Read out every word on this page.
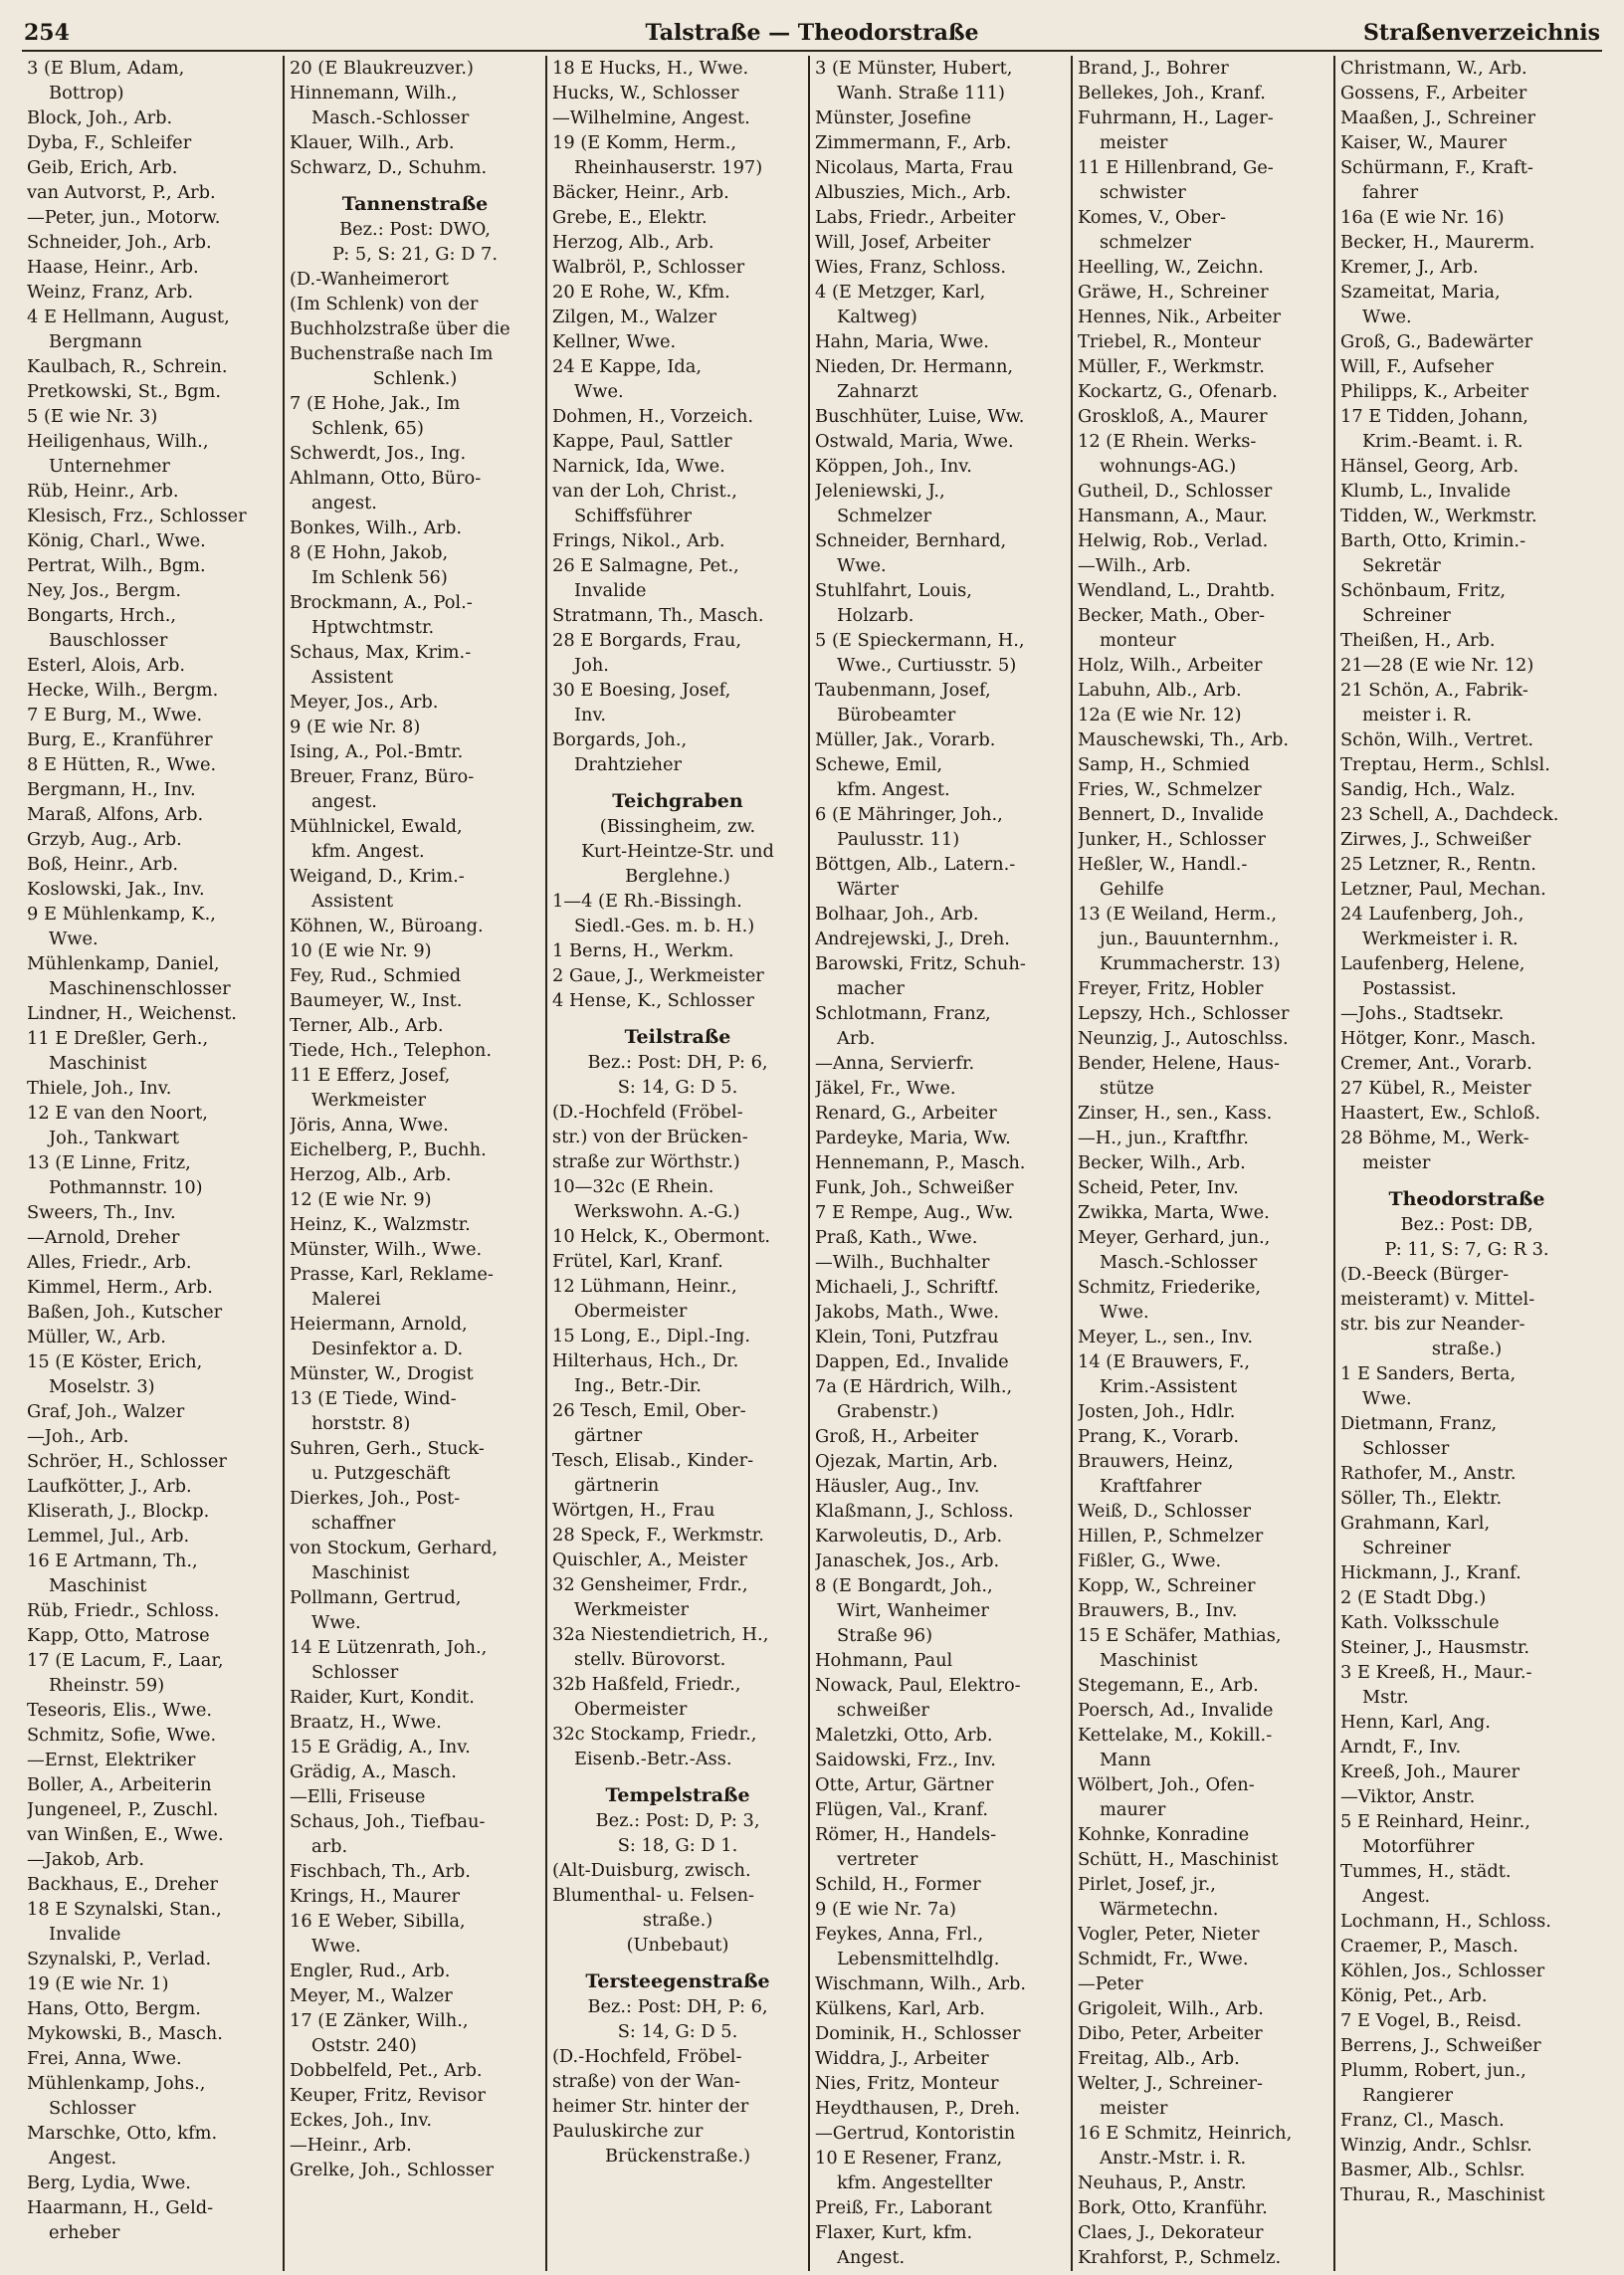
254	Talstraße — Theodorstraße	Straßenverzeichnis
3 (E Blum, Adam,
Bottrop)
Block, Joh., Arb.
Dyba, F., Schleifer
Geib, Erich, Arb.
van Autvorst, P., Arb.
—Peter, jun., Motorw.
Schneider, Joh., Arb.
Haase, Heinr., Arb.
Weinz, Franz, Arb.
4 E Hellmann, August,
Bergmann
Kaulbach, R., Schrein.
Pretkowski, St., Bgm.
5 (E wie Nr. 3)
Heiligenhaus, Wilh.,
Unternehmer
Rüb, Heinr., Arb.
Klesisch, Frz., Schlosser
König, Charl., Wwe.
Pertrat, Wilh., Bgm.
Ney, Jos., Bergm.
Bongarts, Hrch.,
Bauschlosser
Esterl, Alois, Arb.
Hecke, Wilh., Bergm.
7 E Burg, M., Wwe.
Burg, E., Kranführer
8 E Hütten, R., Wwe.
Bergmann, H., Inv.
Maraß, Alfons, Arb.
Grzyb, Aug., Arb.
Boß, Heinr., Arb.
Koslowski, Jak., Inv.
9 E Mühlenkamp, K.,
Wwe.
Mühlenkamp, Daniel,
Maschinenschlosser
Lindner, H., Weichenst.
11 E Dreßler, Gerh.,
Maschinist
Thiele, Joh., Inv.
12 E van den Noort,
Joh., Tankwart
13 (E Linne, Fritz,
Pothmannstr. 10)
Sweers, Th., Inv.
—Arnold, Dreher
Alles, Friedr., Arb.
Kimmel, Herm., Arb.
Baßen, Joh., Kutscher
Müller, W., Arb.
15 (E Köster, Erich,
Moselstr. 3)
Graf, Joh., Walzer
—Joh., Arb.
Schröer, H., Schlosser
Laufkötter, J., Arb.
Kliserath, J., Blockp.
Lemmel, Jul., Arb.
16 E Artmann, Th.,
Maschinist
Rüb, Friedr., Schloss.
Kapp, Otto, Matrose
17 (E Lacum, F., Laar,
Rheinstr. 59)
Teseoris, Elis., Wwe.
Schmitz, Sofie, Wwe.
—Ernst, Elektriker
Boller, A., Arbeiterin
Jungeneel, P., Zuschl.
van Winßen, E., Wwe.
—Jakob, Arb.
Backhaus, E., Dreher
18 E Szynalski, Stan.,
Invalide
Szynalski, P., Verlad.
19 (E wie Nr. 1)
Hans, Otto, Bergm.
Mykowski, B., Masch.
Frei, Anna, Wwe.
Mühlenkamp, Johs.,
Schlosser
Marschke, Otto, kfm.
Angest.
Berg, Lydia, Wwe.
Haarmann, H., Geld-
erheber
20 (E Blaukreuzver.)
Hinnemann, Wilh.,
Masch.-Schlosser
Klauer, Wilh., Arb.
Schwarz, D., Schuhm.
Tannenstraße
Bez.: Post: DWO,
P: 5, S: 21, G: D 7.
(D.-Wanheimerort
(Im Schlenk) von der
Buchholzstraße über die
Buchenstraße nach Im
Schlenk.)
7 (E Hohe, Jak., Im
Schlenk, 65)
Schwerdt, Jos., Ing.
Ahlmann, Otto, Büro-
angest.
Bonkes, Wilh., Arb.
8 (E Hohn, Jakob,
Im Schlenk 56)
Brockmann, A., Pol.-
Hptwchtmstr.
Schaus, Max, Krim.-
Assistent
Meyer, Jos., Arb.
9 (E wie Nr. 8)
Ising, A., Pol.-Bmtr.
Breuer, Franz, Büro-
angest.
Mühlnickel, Ewald,
kfm. Angest.
Weigand, D., Krim.-
Assistent
Köhnen, W., Büroang.
10 (E wie Nr. 9)
Fey, Rud., Schmied
Baumeyer, W., Inst.
Terner, Alb., Arb.
Tiede, Hch., Telephon.
11 E Efferz, Josef,
Werkmeister
Jöris, Anna, Wwe.
Eichelberg, P., Buchh.
Herzog, Alb., Arb.
12 (E wie Nr. 9)
Heinz, K., Walzmstr.
Münster, Wilh., Wwe.
Prasse, Karl, Reklame-
Malerei
Heiermann, Arnold,
Desinfektor a. D.
Münster, W., Drogist
13 (E Tiede, Wind-
horststr. 8)
Suhren, Gerh., Stuck-
u. Putzgeschäft
Dierkes, Joh., Post-
schaffner
von Stockum, Gerhard,
Maschinist
Pollmann, Gertrud,
Wwe.
14 E Lützenrath, Joh.,
Schlosser
Raider, Kurt, Kondit.
Braatz, H., Wwe.
15 E Grädig, A., Inv.
Grädig, A., Masch.
—Elli, Friseuse
Schaus, Joh., Tiefbau-
arb.
Fischbach, Th., Arb.
Krings, H., Maurer
16 E Weber, Sibilla,
Wwe.
Engler, Rud., Arb.
Meyer, M., Walzer
17 (E Zänker, Wilh.,
Oststr. 240)
Dobbelfeld, Pet., Arb.
Keuper, Fritz, Revisor
Eckes, Joh., Inv.
—Heinr., Arb.
Grelke, Joh., Schlosser
18 E Hucks, H., Wwe.
Hucks, W., Schlosser
—Wilhelmine, Angest.
19 (E Komm, Herm.,
Rheinhauserstr. 197)
Bäcker, Heinr., Arb.
Grebe, E., Elektr.
Herzog, Alb., Arb.
Walbröl, P., Schlosser
20 E Rohe, W., Kfm.
Zilgen, M., Walzer
Kellner, Wwe.
24 E Kappe, Ida,
Wwe.
Dohmen, H., Vorzeich.
Kappe, Paul, Sattler
Narnick, Ida, Wwe.
van der Loh, Christ.,
Schiffsführer
Frings, Nikol., Arb.
26 E Salmagne, Pet.,
Invalide
Stratmann, Th., Masch.
28 E Borgards, Frau,
Joh.
30 E Boesing, Josef,
Inv.
Borgards, Joh.,
Drahtzieher
Teichgraben
(Bissingheim, zw.
Kurt-Heintze-Str. und
Berglehne.)
1—4 (E Rh.-Bissingh.
Siedl.-Ges. m. b. H.)
1 Berns, H., Werkm.
2 Gaue, J., Werkmeister
4 Hense, K., Schlosser
Teilstraße
Bez.: Post: DH, P: 6,
S: 14, G: D 5.
(D.-Hochfeld (Fröbel-
str.) von der Brücken-
straße zur Wörthstr.)
10—32c (E Rhein.
Werkswohn. A.-G.)
10 Helck, K., Obermont.
Frütel, Karl, Kranf.
12 Lühmann, Heinr.,
Obermeister
15 Long, E., Dipl.-Ing.
Hilterhaus, Hch., Dr.
Ing., Betr.-Dir.
26 Tesch, Emil, Ober-
gärtner
Tesch, Elisab., Kinder-
gärtnerin
Wörtgen, H., Frau
28 Speck, F., Werkmstr.
Quischler, A., Meister
32 Gensheimer, Frdr.,
Werkmeister
32a Niestendietrich, H.,
stellv. Bürovorst.
32b Haßfeld, Friedr.,
Obermeister
32c Stockamp, Friedr.,
Eisenb.-Betr.-Ass.
Tempelstraße
Bez.: Post: D, P: 3,
S: 18, G: D 1.
(Alt-Duisburg, zwisch.
Blumenthal- u. Felsen-
straße.)
(Unbebaut)
Tersteegenstraße
Bez.: Post: DH, P: 6,
S: 14, G: D 5.
(D.-Hochfeld, Fröbel-
straße) von der Wan-
heimer Str. hinter der
Pauluskirche zur
Brückenstraße.)
3 (E Münster, Hubert,
Wanh. Straße 111)
Münster, Josefine
Zimmermann, F., Arb.
Nicolaus, Marta, Frau
Albuszies, Mich., Arb.
Labs, Friedr., Arbeiter
Will, Josef, Arbeiter
Wies, Franz, Schloss.
4 (E Metzger, Karl,
Kaltweg)
Hahn, Maria, Wwe.
Nieden, Dr. Hermann,
Zahnarzt
Buschhüter, Luise, Ww.
Ostwald, Maria, Wwe.
Köppen, Joh., Inv.
Jeleniewski, J.,
Schmelzer
Schneider, Bernhard,
Wwe.
Stuhlfahrt, Louis,
Holzarb.
5 (E Spieckermann, H.,
Wwe., Curtiusstr. 5)
Taubenmann, Josef,
Bürobeamter
Müller, Jak., Vorarb.
Schewe, Emil,
kfm. Angest.
6 (E Mähringer, Joh.,
Paulusstr. 11)
Böttgen, Alb., Latern.-
Wärter
Bolhaar, Joh., Arb.
Andrejewski, J., Dreh.
Barowski, Fritz, Schuh-
macher
Schlotmann, Franz,
Arb.
—Anna, Servierfr.
Jäkel, Fr., Wwe.
Renard, G., Arbeiter
Pardeyke, Maria, Ww.
Hennemann, P., Masch.
Funk, Joh., Schweißer
7 E Rempe, Aug., Ww.
Praß, Kath., Wwe.
—Wilh., Buchhalter
Michaeli, J., Schriftf.
Jakobs, Math., Wwe.
Klein, Toni, Putzfrau
Dappen, Ed., Invalide
7a (E Härdrich, Wilh.,
Grabenstr.)
Groß, H., Arbeiter
Ojezak, Martin, Arb.
Häusler, Aug., Inv.
Klaßmann, J., Schloss.
Karwoleutis, D., Arb.
Janaschek, Jos., Arb.
8 (E Bongardt, Joh.,
Wirt, Wanheimer
Straße 96)
Hohmann, Paul
Nowack, Paul, Elektro-
schweißer
Maletzki, Otto, Arb.
Saidowski, Frz., Inv.
Otte, Artur, Gärtner
Flügen, Val., Kranf.
Römer, H., Handels-
vertreter
Schild, H., Former
9 (E wie Nr. 7a)
Feykes, Anna, Frl.,
Lebensmittelhdlg.
Wischmann, Wilh., Arb.
Külkens, Karl, Arb.
Dominik, H., Schlosser
Widdra, J., Arbeiter
Nies, Fritz, Monteur
Heydthausen, P., Dreh.
—Gertrud, Kontoristin
10 E Resener, Franz,
kfm. Angestellter
Preiß, Fr., Laborant
Flaxer, Kurt, kfm.
Angest.
Brand, J., Bohrer
Bellekes, Joh., Kranf.
Fuhrmann, H., Lager-
meister
11 E Hillenbrand, Ge-
schwister
Komes, V., Ober-
schmelzer
Heelling, W., Zeichn.
Gräwe, H., Schreiner
Hennes, Nik., Arbeiter
Triebel, R., Monteur
Müller, F., Werkmstr.
Kockartz, G., Ofenarb.
Groskloß, A., Maurer
12 (E Rhein. Werks-
wohnungs-AG.)
Gutheil, D., Schlosser
Hansmann, A., Maur.
Helwig, Rob., Verlad.
—Wilh., Arb.
Wendland, L., Drahtb.
Becker, Math., Ober-
monteur
Holz, Wilh., Arbeiter
Labuhn, Alb., Arb.
12a (E wie Nr. 12)
Mauschewski, Th., Arb.
Samp, H., Schmied
Fries, W., Schmelzer
Bennert, D., Invalide
Junker, H., Schlosser
Heßler, W., Handl.-
Gehilfe
13 (E Weiland, Herm.,
jun., Bauunternhm.,
Krummacherstr. 13)
Freyer, Fritz, Hobler
Lepszy, Hch., Schlosser
Neunzig, J., Autoschlss.
Bender, Helene, Haus-
stütze
Zinser, H., sen., Kass.
—H., jun., Kraftfhr.
Becker, Wilh., Arb.
Scheid, Peter, Inv.
Zwikka, Marta, Wwe.
Meyer, Gerhard, jun.,
Masch.-Schlosser
Schmitz, Friederike,
Wwe.
Meyer, L., sen., Inv.
14 (E Brauwers, F.,
Krim.-Assistent
Josten, Joh., Hdlr.
Prang, K., Vorarb.
Brauwers, Heinz,
Kraftfahrer
Weiß, D., Schlosser
Hillen, P., Schmelzer
Fißler, G., Wwe.
Kopp, W., Schreiner
Brauwers, B., Inv.
15 E Schäfer, Mathias,
Maschinist
Stegemann, E., Arb.
Poersch, Ad., Invalide
Kettelake, M., Kokill.-
Mann
Wölbert, Joh., Ofen-
maurer
Kohnke, Konradine
Schütt, H., Maschinist
Pirlet, Josef, jr.,
Wärmetechn.
Vogler, Peter, Nieter
Schmidt, Fr., Wwe.
—Peter
Grigoleit, Wilh., Arb.
Dibo, Peter, Arbeiter
Freitag, Alb., Arb.
Welter, J., Schreiner-
meister
16 E Schmitz, Heinrich,
Anstr.-Mstr. i. R.
Neuhaus, P., Anstr.
Bork, Otto, Kranführ.
Claes, J., Dekorateur
Krahforst, P., Schmelz.
Christmann, W., Arb.
Gossens, F., Arbeiter
Maaßen, J., Schreiner
Kaiser, W., Maurer
Schürmann, F., Kraft-
fahrer
16a (E wie Nr. 16)
Becker, H., Maurerm.
Kremer, J., Arb.
Szameitat, Maria,
Wwe.
Groß, G., Badewärter
Will, F., Aufseher
Philipps, K., Arbeiter
17 E Tidden, Johann,
Krim.-Beamt. i. R.
Hänsel, Georg, Arb.
Klumb, L., Invalide
Tidden, W., Werkmstr.
Barth, Otto, Krimin.-
Sekretär
Schönbaum, Fritz,
Schreiner
Theißen, H., Arb.
21—28 (E wie Nr. 12)
21 Schön, A., Fabrik-
meister i. R.
Schön, Wilh., Vertret.
Treptau, Herm., Schlsl.
Sandig, Hch., Walz.
23 Schell, A., Dachdeck.
Zirwes, J., Schweißer
25 Letzner, R., Rentn.
Letzner, Paul, Mechan.
24 Laufenberg, Joh.,
Werkmeister i. R.
Laufenberg, Helene,
Postassist.
—Johs., Stadtsekr.
Hötger, Konr., Masch.
Cremer, Ant., Vorarb.
27 Kübel, R., Meister
Haastert, Ew., Schloß.
28 Böhme, M., Werk-
meister
Theodorstraße
Bez.: Post: DB,
P: 11, S: 7, G: R 3.
(D.-Beeck (Bürger-
meisteramt) v. Mittel-
str. bis zur Neander-
straße.)
1 E Sanders, Berta,
Wwe.
Dietmann, Franz,
Schlosser
Rathofer, M., Anstr.
Söller, Th., Elektr.
Grahmann, Karl,
Schreiner
Hickmann, J., Kranf.
2 (E Stadt Dbg.)
Kath. Volksschule
Steiner, J., Hausmstr.
3 E Kreeß, H., Maur.-
Mstr.
Henn, Karl, Ang.
Arndt, F., Inv.
Kreeß, Joh., Maurer
—Viktor, Anstr.
5 E Reinhard, Heinr.,
Motorführer
Tummes, H., städt.
Angest.
Lochmann, H., Schloss.
Craemer, P., Masch.
Köhlen, Jos., Schlosser
König, Pet., Arb.
7 E Vogel, B., Reisd.
Berrens, J., Schweißer
Plumm, Robert, jun.,
Rangierer
Franz, Cl., Masch.
Winzig, Andr., Schlsr.
Basmer, Alb., Schlsr.
Thurau, R., Maschinist
